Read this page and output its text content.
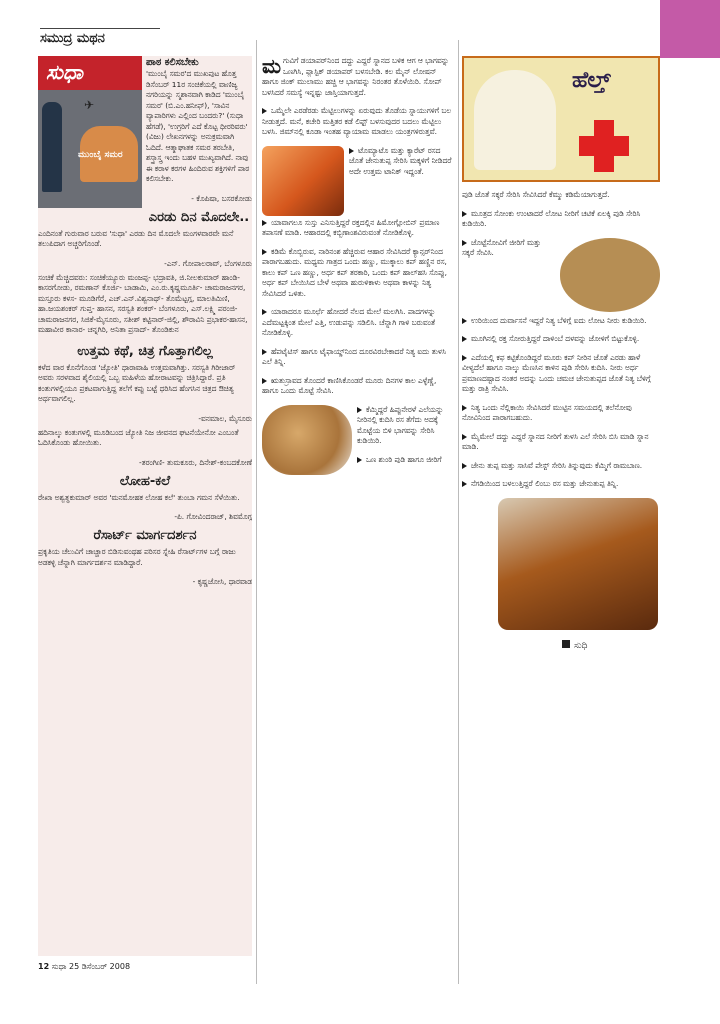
ಸಮುದ್ರ ಮಥನ
ಸುಧಾ
✈
ಮುಂಬೈ ಸಮರ

ಪಾಠ ಕಲಿಸಬೇಕು

'ಮುಂಬೈ ಸಮರ'ದ ಮುಖಪುಟ ಹೊತ್ತ ಡಿಸೆಂಬರ್ 11ರ ಸಂಚಿಕೆಯಲ್ಲಿ ವಾಣಿಜ್ಯ ನಗರಿಯನ್ನು ಸ್ಮಶಾನವಾಗಿ ಕಾಡಿದ 'ಮುಂಬೈ ಸಮರ' (ಬಿ.ಎಂ.ಹನೀಫ್), 'ಸಾವಿನ ವ್ಯಾಪಾರಿಗಳು ಎಲ್ಲಿಂದ ಬಂದರು?' (ಸುಧಾ ಹೆಗಡೆ), 'ಉಗ್ರರಿಗೆ ಎದೆ ಕೊಟ್ಟ ಧೀರರಿವರು' (ವಿಜು) ಲೇಖನಗಳನ್ನು ಅನುಕ್ರಮವಾಗಿ ಓದಿದೆ. ಆತ್ಮಾಘಾತಕ ಸಮರ ತರಬೇತಿ, ಶಸ್ತ್ರಾಸ್ತ್ರ ಇಂದು ಬಹಳ ಮುಖ್ಯವಾಗಿದೆ. ನಾವು ಈ ಕರಾಳ ಕರಗಳ ಹಿಂದಿರುವ ಶಕ್ತಿಗಳಿಗೆ ಪಾಠ ಕಲಿಸಬೇಕು.

- ಕೊಪಿಷಾ, ಬಸರಕೋಡು

ಎರಡು ದಿನ ಮೊದಲೇ..

ಎಂದಿನಂತೆ ಗುರುವಾರ ಬರುವ 'ಸುಧಾ' ಎರಡು ದಿನ ಮೊದಲೇ ಮಂಗಳವಾರವೇ ಮನೆ ತಲುಪಿದಾಗ ಅಚ್ಚರಿಗೊಂಡೆ.

-ಎನ್. ಗೋಪಾಲರಾವ್, ಬೆಂಗಳೂರು

ಸಂಚಿಕೆ ಮೆಚ್ಚಿದವರು: ಸಂಚಿಕೆಯ್ಯೂರು ಮಂಜಪ್ಪ- ಭದ್ರಾವತಿ, ಜಿ.ನೀಲಕುಮಾರ್ ಹಾಂಡಿ-ಕಾಸರಗೋಡು, ರಮಣಾನ್ ಕೊರ್ಜಿ- ಬಾಡಾಮಿ, ಎಂ.ರು.ಕೃಷ್ಣಮೂರ್ತಿ- ಚಾಮರಾಜನಗರ, ಮಸ್ತೂರು ಕಳಸ- ಮೂಡಿಗೆರೆ, ಎಚ್.ಎನ್.ವಿಶ್ವನಾಥ್- ತೊಮೆಟ್ಟಗ್ಗ, ಮಾಲತಿಮಿಣಿ, ಹಾ.ಜಯಶಂಕರ್ ಗುಪ್ತ- ಹಾಸನ, ಸರಸ್ವತಿ ಶಂಕರ್- ಬೆಂಗಳೂರು, ಎಸ್.ಲಕ್ಷ್ಮಿ ಪರಂಜಿ- ಚಾಮರಾಜನಗರ, ಸಿಜಿಕೆ-ಮೈಸೂರು, ಸತೀಶ್ ಕಟ್ಟಿನಾರ್-ಜಿಲ್ಲಿ, ಶೌರಾವಿನಿ ಪ್ರಭಾಕರ-ಹಾಸನ, ಮಹಾವೀರ ಕಾನಾರ- ಚನ್ನಗಿರಿ, ಅನಿತಾ ಪ್ರಸಾದ್- ತೊಂಡಿಕುನ

ಉತ್ತಮ ಕಥೆ, ಚಿತ್ರ ಗೊತ್ತಾಗಲಿಲ್ಲ

ಕಳೆದ ವಾರ ಕೊನೆಗೊಂಡ 'ಜ್ಯೋತಿ' ಧಾರಾವಾಹಿ ಉತ್ತಮವಾಗಿತ್ತು. ಸರಸ್ವತಿ ಗಿರೀಜಾರ್ ಅವರು ಸರಳವಾದ ಶೈಲಿಯಲ್ಲಿ ಒಬ್ಬ ಮಹಿಳೆಯ ಹೋರಾಟವನ್ನು ಚಿತ್ರಿಸಿದ್ದಾರೆ. ಪ್ರತಿ ಕಂತುಗಳಲ್ಲಿಯೂ ಪ್ರಕಟವಾಗುತ್ತಿದ್ದ ತಲೆಗೆ ಕಪ್ಪು ಬಟ್ಟೆ ಧರಿಸಿದ ಹೆಂಗಸಿನ ಚಿತ್ರದ ಔಚಿತ್ಯ ಅರ್ಥವಾಗಲಿಲ್ಲ.

-ವನಮಾಲ, ಮೈಸೂರು

ಹದಿನಾಲ್ಕು ಕಂತುಗಳಲ್ಲಿ ಮೂಡಿಬಂದ ಜ್ಯೋತಿ ನಿಜ ಜೀವನದ ಘಟನೆಯೇನೋ ಎಂಬಂತೆ ಓದಿಸಿಕೊಂಡು ಹೋಯಿತು.

-ತರಂಗಿಣಿ- ತುಮಕೂರು, ದಿನೇಶ್-ಕಂಬದಕೋಣೆ

ಲೋಹ-ಕಲೆ

ರೇಖಾ ಅಶ್ವತ್ಥಕುಮಾರ್ ಅವರ 'ಮನಮೋಹಕ ಲೋಹ ಕಲೆ' ತುಂಬಾ ಗಮನ ಸೆಳೆಯಿತು.

-ಪಿ. ಗೋವಿಂದರಾಜ್, ಶಿವಮೊಗ್ಗ

ರೆಸಾರ್ಟ್ ಮಾರ್ಗದರ್ಶನ

ಪ್ರಕೃತಿಯ ಚೆಲುವಿಗೆ ಚಾಚ್ಚಾರ ಬಿಡಿಸುವಂಥಹ ಪರಿಸರ ಸ್ನೇಹಿ ರೆಸಾರ್ಟ್‌ಗಳ ಬಗ್ಗೆ ರಾಜು ಅಡಕಳ್ಳಿ ಚೆನ್ನಾಗಿ ಮಾರ್ಗದರ್ಶನ ಮಾಡಿದ್ದಾರೆ.

- ಕೃಷ್ಣಜೋಸಿ, ಧಾರವಾಡ

ಮಗುವಿಗೆ ಡಯಾಪರ್‌ನಿಂದ ದದ್ದು ಎದ್ದರೆ ಸ್ನಾನದ ಬಳಿಕ ಆಗ ಆ ಭಾಗವನ್ನು ಒಣಗಿಸಿ, ಪ್ಲಾಸ್ಟಿಕ್ ಡಯಾಪರ್ ಬಳಸಬೇಡಿ. ಕಲ ಮೈನ್ ಲೋಷನ್ ಹಾಗೂ ಜಿಂಕ್ ಮುಲಾಮು ಹಚ್ಚಿ ಆ ಭಾಗವನ್ನು ನಿರಂತರ ತೊಳೆಯಿರಿ. ಸೋಪ್ ಬಳಸಿದರೆ ಸಮಸ್ಯೆ ಇನ್ನಷ್ಟು ಜಾಸ್ತಿಯಾಗುತ್ತದೆ.

ಒಮ್ಮೆಲೇ ಎರಡೆರಡು ಮೆಟ್ಟಿಲುಗಳನ್ನು ಏರುವುದು ತೊಡೆಯ ಸ್ನಾಯುಗಳಿಗೆ ಬಲ ನೀಡುತ್ತದೆ. ಮನೆ, ಕಚೇರಿ ಮತ್ತಿತರ ಕಡೆ ಲಿಫ್ಟ್ ಬಳಸುವುದರ ಬದಲು ಮೆಟ್ಟಿಲು ಬಳಸಿ. ಜಿಮ್‌ನಲ್ಲಿ ಕೂಡಾ ಇಂತಹ ವ್ಯಾಯಾಮ ಮಾಡಲು ಯಂತ್ರಗಳಿರುತ್ತವೆ.

ಟೊಮ್ಯಾಟೊ ಮತ್ತು ಕ್ಯಾರೆಟ್ ರಸದ ಜೊತೆ ಜೇನುತುಪ್ಪ ಸೇರಿಸಿ ಮಕ್ಕಳಿಗೆ ನೀಡಿದರೆ ಅದೇ ಉತ್ತಮ ಟಾನಿಕ್ ಇದ್ದಂತೆ.

ಯಾವಾಗಲೂ ಸುಸ್ತು ಎನಿಸುತ್ತಿದ್ದರೆ ರಕ್ತದಲ್ಲಿನ ಹಿಮೋಗ್ಲೋಬಿನ್ ಪ್ರಮಾಣ ತಪಾಸಣೆ ಮಾಡಿ. ಆಹಾರದಲ್ಲಿ ಕಬ್ಬಿಣಾಂಶವಿರುವಂತೆ ನೋಡಿಕೊಳ್ಳಿ.

ಕಡಿಮೆ ಕೊಬ್ಬಿರುವ, ನಾರಿನಂಶ ಹೆಚ್ಚಿರುವ ಆಹಾರ ಸೇವಿಸಿದರೆ ಕ್ಯಾನ್ಸರ್‌ನಿಂದ ಪಾರಾಗಬಹುದು. ಮಧ್ಯಮ ಗಾತ್ರದ ಒಂದು ಹಣ್ಣು, ಮುಕ್ಕಾಲು ಕಪ್ ಹಣ್ಣಿನ ರಸ, ಕಾಲು ಕಪ್ ಒಣ ಹಣ್ಣು, ಅರ್ಧ ಕಪ್ ತರಕಾರಿ, ಒಂದು ಕಪ್ ಹಾಲ್‌ಹಸಿ ಸೊಪ್ಪು, ಅರ್ಧ ಕಪ್ ಬೇಯಿಸಿದ ಬೇಳೆ ಅಥವಾ ಹುರುಳಿಕಾಳು ಅಥವಾ ಕಾಳನ್ನು ನಿತ್ಯ ಸೇವಿಸಿದರೆ ಒಳಿತು.

ಯಾರಾದರೂ ಮೂರ್ಛೆ ಹೋದರೆ ನೆಲದ ಮೇಲೆ ಮಲಗಿಸಿ. ಪಾದಗಳನ್ನು ಎದೆಮಟ್ಟಕ್ಕಿಂತ ಮೇಲೆ ಎತ್ತಿ, ಉಡುಪನ್ನು ಸಡಿಲಿಸಿ. ಚೆನ್ನಾಗಿ ಗಾಳಿ ಬರುವಂತೆ ನೋಡಿಕೊಳ್ಳಿ.

ಹೆಪಟೈಟಿಸ್ ಹಾಗೂ ಟೈಫಾಯ್ಡ್‌ನಿಂದ ದೂರವಿರಬೇಕಾದರೆ ನಿತ್ಯ ಐದು ತುಳಸಿ ಎಲೆ ತಿನ್ನಿ.

ಋತುಸ್ರಾವದ ತೊಂದರೆ ಕಾಣಿಸಿಕೊಂಡರೆ ಮೂರು ದಿನಗಳ ಕಾಲ ಎಳ್ಳೆಣ್ಣೆ, ಹಾಗೂ ಒಂದು ಮೊಟ್ಟೆ ಸೇವಿಸಿ.

ಕೆಮ್ಮಿದ್ದರೆ ಹಿಪ್ಪುನೇರಳೆ ಎಲೆಯನ್ನು ನೀರಿನಲ್ಲಿ ಕುದಿಸಿ ರಸ ತೆಗೆದು ಅದಕ್ಕೆ ಮೊಟ್ಟೆಯ ಬಿಳಿ ಭಾಗವನ್ನು ಸೇರಿಸಿ ಕುಡಿಯಿರಿ.

ಒಣ ಶುಂಠಿ ಪುಡಿ ಹಾಗೂ ಜೀರಿಗೆ

ಹೆಲ್ತ್

ಪುಡಿ ಜೊತೆ ಸಕ್ಕರೆ ಸೇರಿಸಿ ಸೇವಿಸಿದರೆ ಕೆಮ್ಮು ಕಡಿಮೆಯಾಗುತ್ತದೆ.

ಮೂತ್ರದ ಸೋಂಕು ಉಂಟಾದರೆ ಲೋಟ ನೀರಿಗೆ ಚಟಿಕೆ ಏಲಕ್ಕಿ ಪುಡಿ ಸೇರಿಸಿ ಕುಡಿಯಿರಿ.

ಜೊಟ್ಟೆನೋವಿಗೆ ಜೀರಿಗೆ ಮತ್ತು ಸಕ್ಕರೆ ಸೇವಿಸಿ.

ಉರಿಯಿಂದ ದುರ್ವಾಸನೆ ಇದ್ದರೆ ನಿತ್ಯ ಬೆಳಿಗ್ಗೆ ಐದು ಲೋಟ ನೀರು ಕುಡಿಯಿರಿ.

ಮೂಗಿನಲ್ಲಿ ರಕ್ತ ಸೋರುತ್ತಿದ್ದರೆ ದಾಳಿಂಬೆ ದಳವನ್ನು ಜೋಳಿಗೆ ಬಿಟ್ಟುಕೊಳ್ಳಿ.

ಎದೆಯಲ್ಲಿ ಕಫ ಕಟ್ಟಿಕೊಂಡಿದ್ದರೆ ಮೂರು ಕಪ್ ನೀರಿನ ಜೊತೆ ಎರಡು ಹಾಳೆ ವೀಳ್ಯದೆಲೆ ಹಾಗೂ ನಾಲ್ಕು ಮೆಣಸಿನ ಕಾಳಿನ ಪುಡಿ ಸೇರಿಸಿ ಕುದಿಸಿ. ನೀರು ಅರ್ಧ ಪ್ರಮಾಣದಷ್ಟಾದ ನಂತರ ಅದನ್ನು ಒಂದು ಚಮಚ ಜೇನುತುಪ್ಪದ ಜೊತೆ ನಿತ್ಯ ಬೆಳಿಗ್ಗೆ ಮತ್ತು ರಾತ್ರಿ ಸೇವಿಸಿ.

ನಿತ್ಯ ಒಂದು ನೆಲ್ಲಿಕಾಯಿ ಸೇವಿಸಿದರೆ ಮುಟ್ಟಿನ ಸಮಯದಲ್ಲಿ ತಲೆನೋವು ನೋವಿನಿಂದ ಪಾರಾಗಬಹುದು.

ಮೈಮೇಲೆ ದದ್ದು ಎದ್ದರೆ ಸ್ನಾನದ ನೀರಿಗೆ ತುಳಸಿ ಎಲೆ ಸೇರಿಸಿ ಬಿಸಿ ಮಾಡಿ ಸ್ನಾನ ಮಾಡಿ.

ಜೇನು ತುಪ್ಪ ಮತ್ತು ಸಾಸಿವೆ ಪೇಸ್ಟ್ ಸೇರಿಸಿ ತಿನ್ನುವುದು ಕೆಮ್ಮಿಗೆ ರಾಮಬಾಣ.

ನೆಗಡಿಯಿಂದ ಬಳಲುತ್ತಿದ್ದರೆ ಲಿಂಬು ರಸ ಮತ್ತು ಜೇನುತುಪ್ಪ ತಿನ್ನಿ.

ಸುಧಿ

12 ಸುಧಾ 25 ಡಿಸೆಂಬರ್ 2008
